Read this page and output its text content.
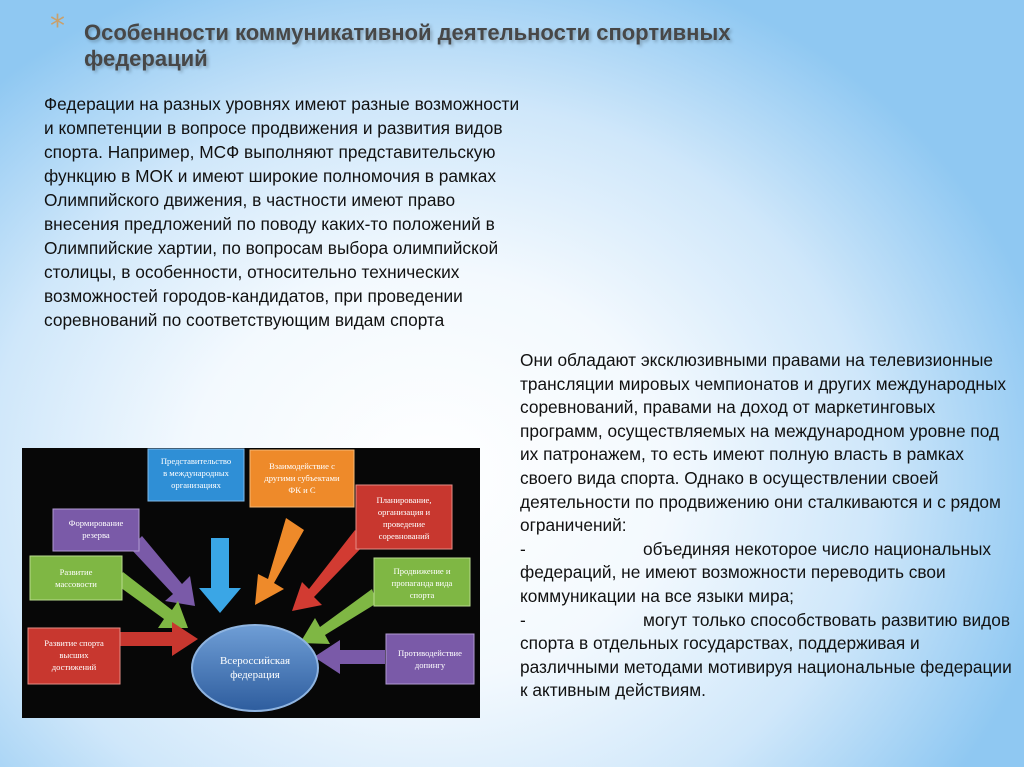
* Особенности коммуникативной деятельности спортивных федераций

Федерации на разных уровнях имеют разные возможности и компетенции в вопросе продвижения и развития видов спорта. Например, МСФ выполняют представительскую функцию в МОК и имеют широкие полномочия в рамках Олимпийского движения, в частности имеют право внесения предложений по поводу каких-то положений в Олимпийские хартии, по вопросам выбора олимпийской столицы, в особенности, относительно технических возможностей городов-кандидатов, при проведении соревнований по соответствующим видам спорта

Они обладают эксклюзивными правами на телевизионные трансляции мировых чемпионатов и других международных соревнований, правами на доход от маркетинговых программ, осуществляемых на международном уровне под их патронажем, то есть имеют полную власть в рамках своего вида спорта. Однако в осуществлении своей деятельности по продвижению они сталкиваются и с рядом ограничений:

-	объединяя некоторое число национальных федераций, не имеют возможности переводить свои коммуникации на все языки мира;
-	могут только способствовать развитию видов спорта в отдельных государствах, поддерживая и различными методами мотивируя национальные федерации к активным действиям.
Всероссийская
федерация
Представительство
в международных
организациях
Взаимодействие с
другими субъектами
ФК и С
Формирование
резерва
Планирование,
организация и
проведение
соревнований
Развитие
массовости
Продвижение и
пропаганда вида
спорта
Развитие спорта
высших
достижений
Противодействие
допингу
